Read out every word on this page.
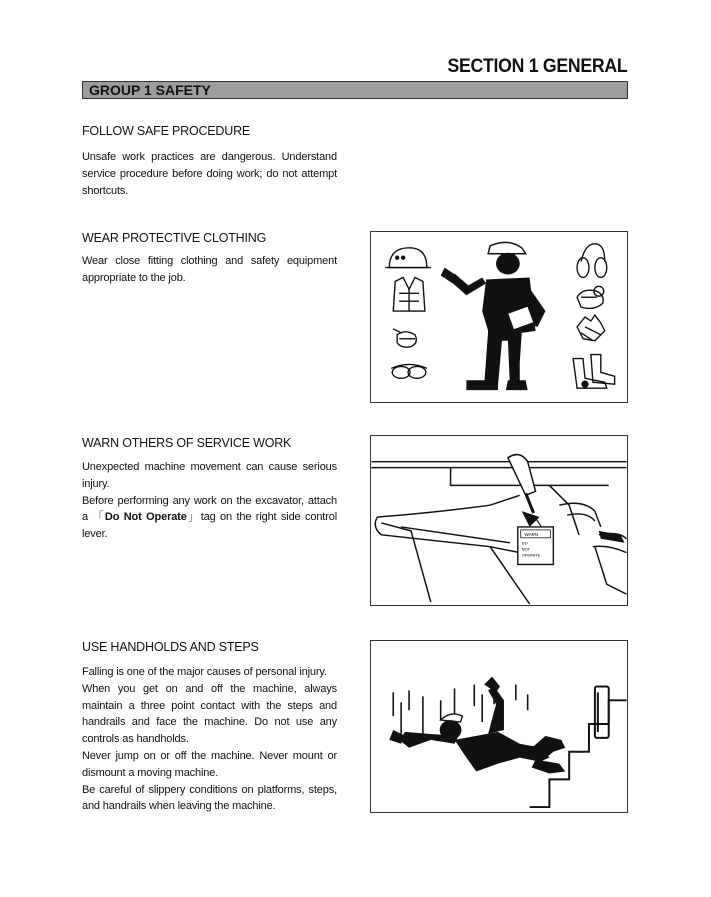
SECTION 1 GENERAL
GROUP 1 SAFETY
FOLLOW SAFE PROCEDURE

Unsafe work practices are dangerous. Understand service procedure before doing work; do not attempt shortcuts.

WEAR PROTECTIVE CLOTHING

Wear close fitting clothing and safety equipment appropriate to the job.

WARN OTHERS OF SERVICE WORK

Unexpected machine movement can cause serious injury.

Before performing any work on the excavator, attach a 「Do Not Operate」tag on the right side control lever.	WARN
DO
NOT
OPERATE
USE HANDHOLDS AND STEPS

Falling is one of the major causes of personal injury.

When you get on and off the machine, always maintain a three point contact with the steps and handrails and face the machine. Do not use any controls as handholds.

Never jump on or off the machine. Never mount or dismount a moving machine.

Be careful of slippery conditions on platforms, steps, and handrails when leaving the machine.
